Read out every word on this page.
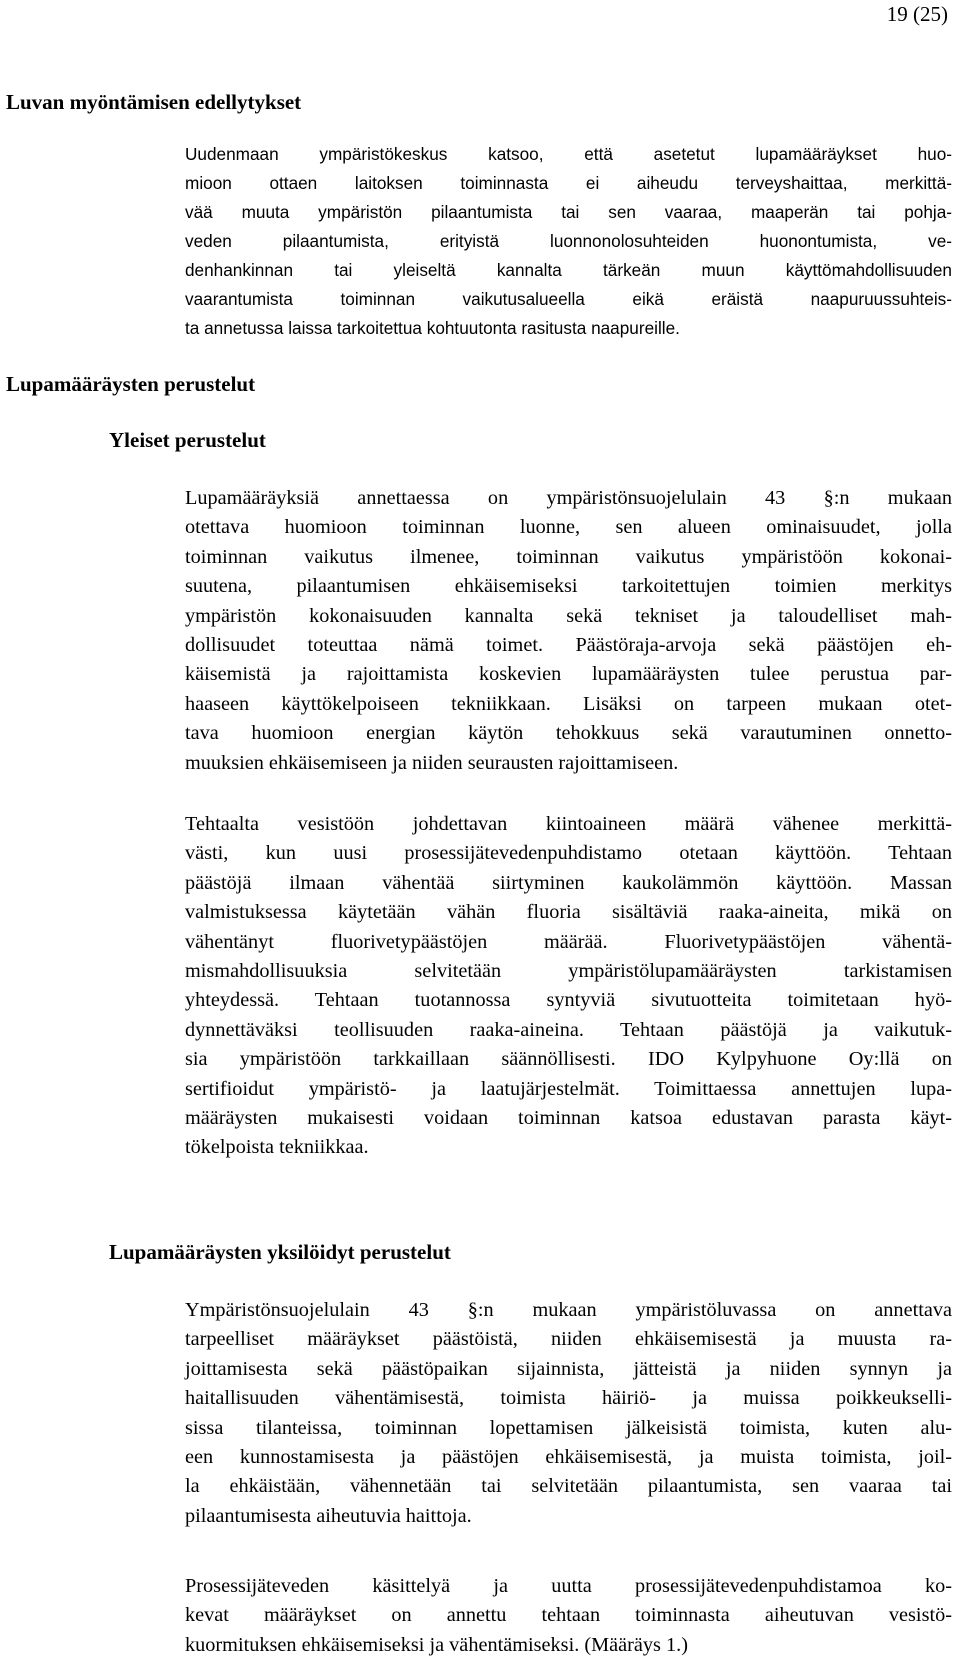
19 (25)
Luvan myöntämisen edellytykset
Uudenmaan ympäristökeskus katsoo, että asetetut lupamääräykset huo-
mioon ottaen laitoksen toiminnasta ei aiheudu terveyshaittaa, merkittä-
vää muuta ympäristön pilaantumista tai sen vaaraa, maaperän tai pohja-
veden pilaantumista, erityistä luonnonolosuhteiden huonontumista, ve-
denhankinnan tai yleiseltä kannalta tärkeän muun käyttömahdollisuuden
vaarantumista toiminnan vaikutusalueella eikä eräistä naapuruussuhteis-
ta annetussa laissa tarkoitettua kohtuutonta rasitusta naapureille.
Lupamääräysten perustelut
Yleiset perustelut
Lupamääräyksiä annettaessa on ympäristönsuojelulain 43 §:n mukaan
otettava huomioon toiminnan luonne, sen alueen ominaisuudet, jolla
toiminnan vaikutus ilmenee, toiminnan vaikutus ympäristöön kokonai-
suutena, pilaantumisen ehkäisemiseksi tarkoitettujen toimien merkitys
ympäristön kokonaisuuden kannalta sekä tekniset ja taloudelliset mah-
dollisuudet toteuttaa nämä toimet. Päästöraja-arvoja sekä päästöjen eh-
käisemistä ja rajoittamista koskevien lupamääräysten tulee perustua par-
haaseen käyttökelpoiseen tekniikkaan. Lisäksi on tarpeen mukaan otet-
tava huomioon energian käytön tehokkuus sekä varautuminen onnetto-
muuksien ehkäisemiseen ja niiden seurausten rajoittamiseen.
Tehtaalta vesistöön johdettavan kiintoaineen määrä vähenee merkittä-
västi, kun uusi prosessijätevedenpuhdistamo otetaan käyttöön. Tehtaan
päästöjä ilmaan vähentää siirtyminen kaukolämmön käyttöön. Massan
valmistuksessa käytetään vähän fluoria sisältäviä raaka-aineita, mikä on
vähentänyt fluorivetypäästöjen määrää. Fluorivetypäästöjen vähentä-
mismahdollisuuksia selvitetään ympäristölupamääräysten tarkistamisen
yhteydessä. Tehtaan tuotannossa syntyviä sivutuotteita toimitetaan hyö-
dynnettäväksi teollisuuden raaka-aineina. Tehtaan päästöjä ja vaikutuk-
sia ympäristöön tarkkaillaan säännöllisesti. IDO Kylpyhuone Oy:llä on
sertifioidut ympäristö- ja laatujärjestelmät. Toimittaessa annettujen lupa-
määräysten mukaisesti voidaan toiminnan katsoa edustavan parasta käyt-
tökelpoista tekniikkaa.
Lupamääräysten yksilöidyt perustelut
Ympäristönsuojelulain 43 §:n mukaan ympäristöluvassa on annettava
tarpeelliset määräykset päästöistä, niiden ehkäisemisestä ja muusta ra-
joittamisesta sekä päästöpaikan sijainnista, jätteistä ja niiden synnyn ja
haitallisuuden vähentämisestä, toimista häiriö- ja muissa poikkeukselli-
sissa tilanteissa, toiminnan lopettamisen jälkeisistä toimista, kuten alu-
een kunnostamisesta ja päästöjen ehkäisemisestä, ja muista toimista, joil-
la ehkäistään, vähennetään tai selvitetään pilaantumista, sen vaaraa tai
pilaantumisesta aiheutuvia haittoja.
Prosessijäteveden käsittelyä ja uutta prosessijätevedenpuhdistamoa ko-
kevat määräykset on annettu tehtaan toiminnasta aiheutuvan vesistö-
kuormituksen ehkäisemiseksi ja vähentämiseksi. (Määräys 1.)
